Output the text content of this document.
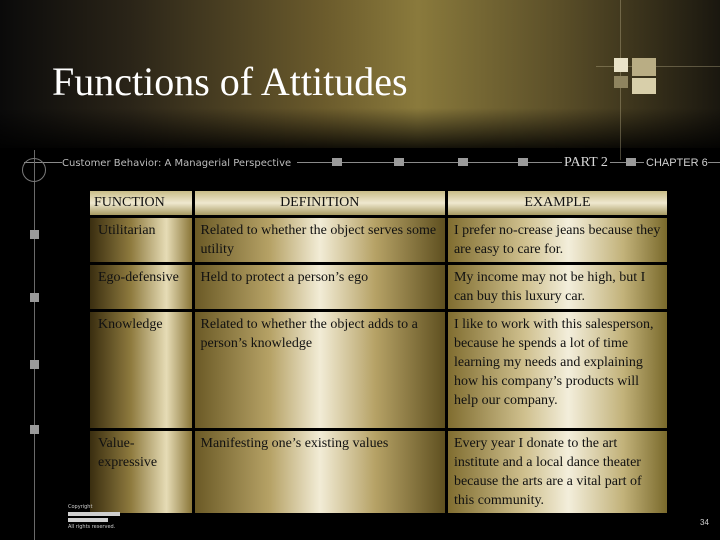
Functions of Attitudes
Customer Behavior: A Managerial Perspective	PART 2	CHAPTER 6
FUNCTION	DEFINITION	EXAMPLE
Utilitarian	Related to whether the object serves some utility	I prefer no-crease jeans because they are easy to care for.
Ego-defensive	Held to protect a person’s ego	My income may not be high, but I can buy this luxury car.
Knowledge	Related to whether the object adds to a person’s knowledge	I like to work with this salesperson, because he spends a lot of time learning my needs and explaining how his company’s products will help our company.
Value-expressive	Manifesting one’s existing values	Every year I donate to the art institute and a local dance theater because the arts are a vital part of this community.
Copyright
All rights reserved.	34
